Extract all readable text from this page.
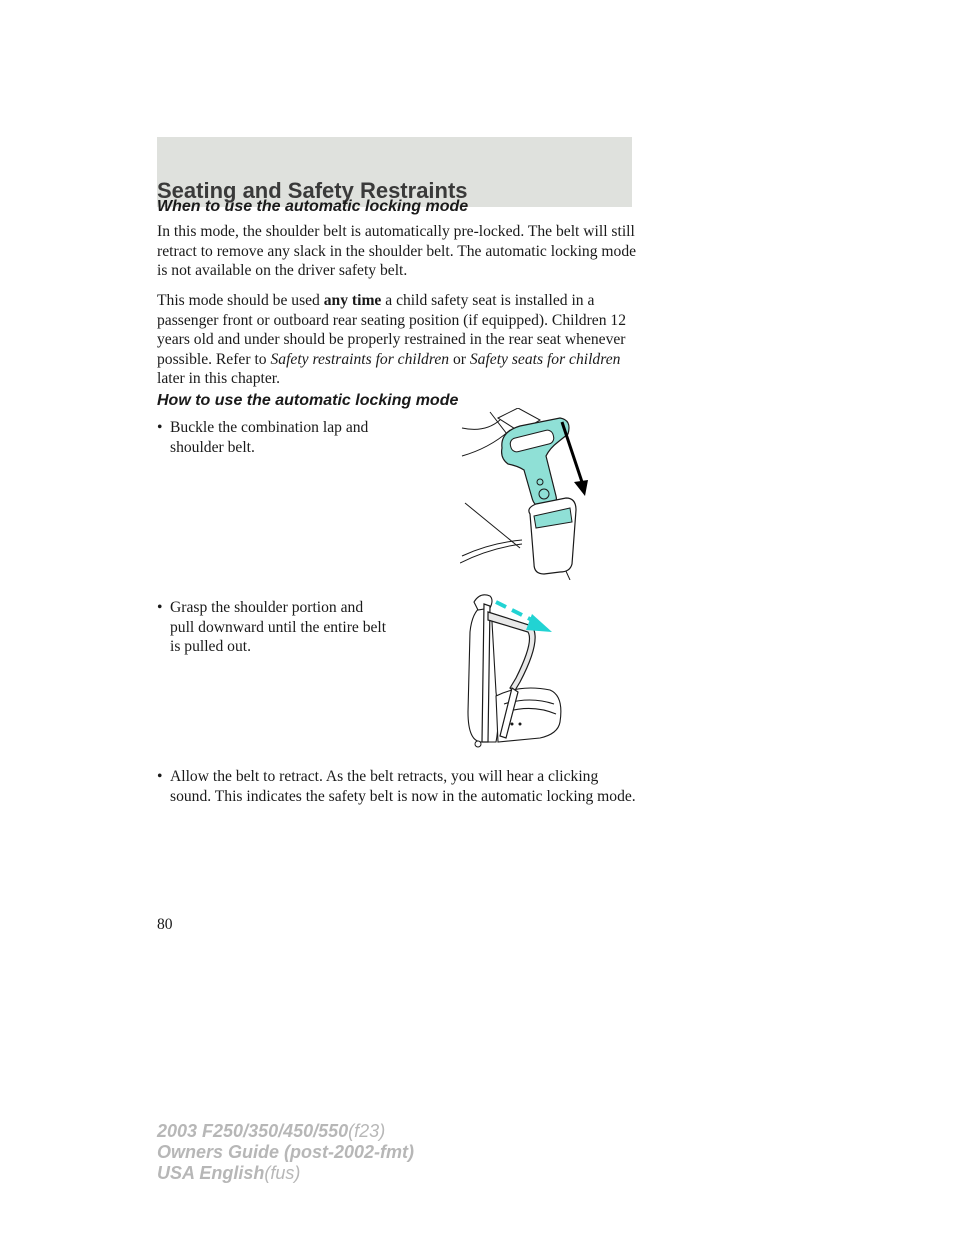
Seating and Safety Restraints
When to use the automatic locking mode
In this mode, the shoulder belt is automatically pre-locked. The belt will still retract to remove any slack in the shoulder belt. The automatic locking mode is not available on the driver safety belt.
This mode should be used any time a child safety seat is installed in a passenger front or outboard rear seating position (if equipped). Children 12 years old and under should be properly restrained in the rear seat whenever possible. Refer to Safety restraints for children or Safety seats for children later in this chapter.
How to use the automatic locking mode
• Buckle the combination lap and shoulder belt.
• Grasp the shoulder portion and pull downward until the entire belt is pulled out.
• Allow the belt to retract. As the belt retracts, you will hear a clicking sound. This indicates the safety belt is now in the automatic locking mode.
80
2003 F250/350/450/550(f23)
Owners Guide (post-2002-fmt)
USA English(fus)
